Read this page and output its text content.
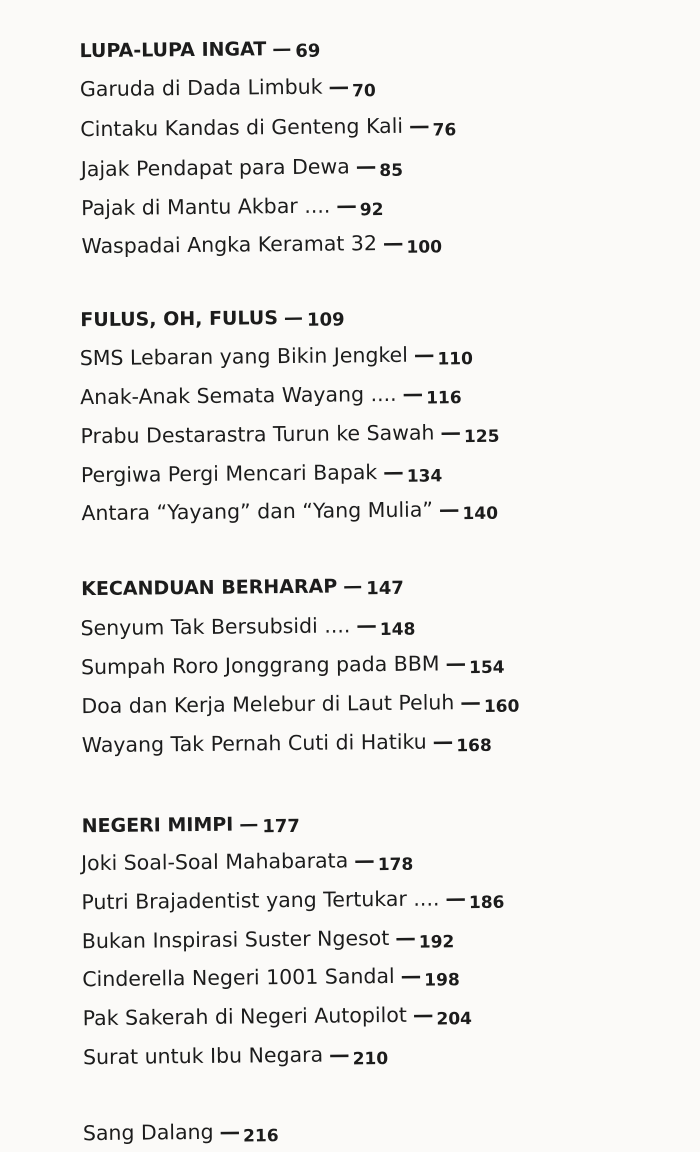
LUPA-LUPA INGAT — 69
Garuda di Dada Limbuk — 70
Cintaku Kandas di Genteng Kali — 76
Jajak Pendapat para Dewa — 85
Pajak di Mantu Akbar .... — 92
Waspadai Angka Keramat 32 — 100
FULUS, OH, FULUS — 109
SMS Lebaran yang Bikin Jengkel — 110
Anak-Anak Semata Wayang .... — 116
Prabu Destarastra Turun ke Sawah — 125
Pergiwa Pergi Mencari Bapak — 134
Antara “Yayang” dan “Yang Mulia” — 140
KECANDUAN BERHARAP — 147
Senyum Tak Bersubsidi .... — 148
Sumpah Roro Jonggrang pada BBM — 154
Doa dan Kerja Melebur di Laut Peluh — 160
Wayang Tak Pernah Cuti di Hatiku — 168
NEGERI MIMPI — 177
Joki Soal-Soal Mahabarata — 178
Putri Brajadentist yang Tertukar .... — 186
Bukan Inspirasi Suster Ngesot — 192
Cinderella Negeri 1001 Sandal — 198
Pak Sakerah di Negeri Autopilot — 204
Surat untuk Ibu Negara — 210
Sang Dalang — 216
